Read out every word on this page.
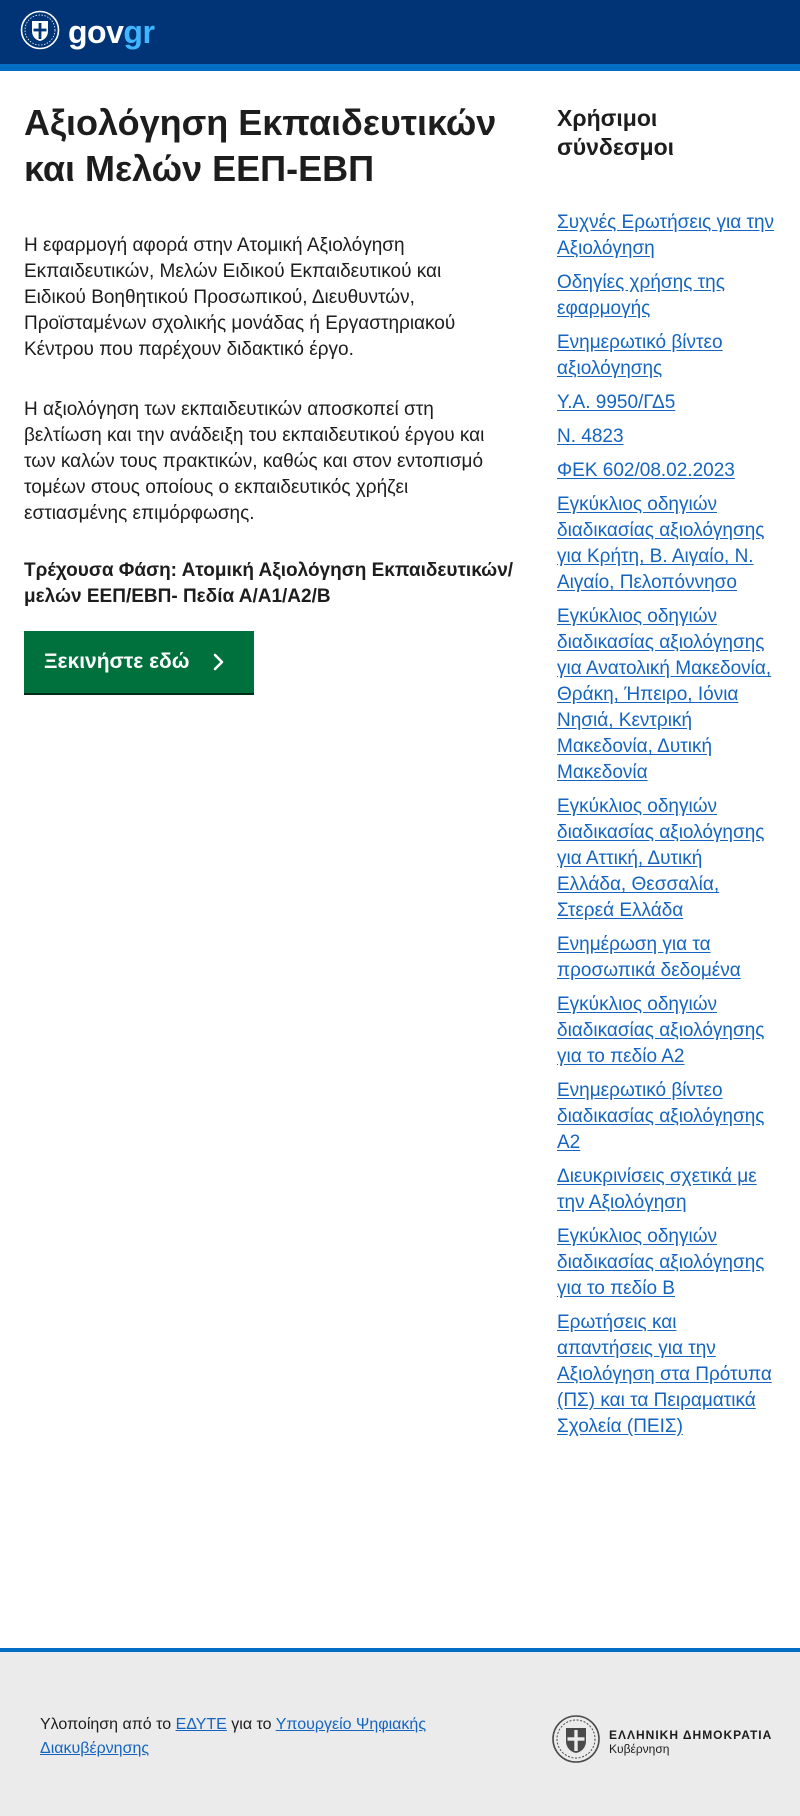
govgr
Αξιολόγηση Εκπαιδευτικών και Μελών ΕΕΠ-ΕΒΠ

Η εφαρμογή αφορά στην Ατομική Αξιολόγηση Εκπαιδευτικών, Μελών Ειδικού Εκπαιδευτικού και Ειδικού Βοηθητικού Προσωπικού, Διευθυντών, Προϊσταμένων σχολικής μονάδας ή Εργαστηριακού Κέντρου που παρέχουν διδακτικό έργο.

Η αξιολόγηση των εκπαιδευτικών αποσκοπεί στη βελτίωση και την ανάδειξη του εκπαιδευτικού έργου και των καλών τους πρακτικών, καθώς και στον εντοπισμό τομέων στους οποίους ο εκπαιδευτικός χρήζει εστιασμένης επιμόρφωσης.

Τρέχουσα Φάση: Ατομική Αξιολόγηση Εκπαιδευτικών/ μελών ΕΕΠ/ΕΒΠ- Πεδία Α/Α1/Α2/Β

Ξεκινήστε εδώ
Χρήσιμοι σύνδεσμοι
Συχνές Ερωτήσεις για την Αξιολόγηση
Οδηγίες χρήσης της εφαρμογής
Ενημερωτικό βίντεο αξιολόγησης
Υ.Α. 9950/ΓΔ5
Ν. 4823
ΦΕΚ 602/08.02.2023
Εγκύκλιος οδηγιών διαδικασίας αξιολόγησης για Κρήτη, Β. Αιγαίο, Ν. Αιγαίο, Πελοπόννησο
Εγκύκλιος οδηγιών διαδικασίας αξιολόγησης για Ανατολική Μακεδονία, Θράκη, Ήπειρο, Ιόνια Νησιά, Κεντρική Μακεδονία, Δυτική Μακεδονία
Εγκύκλιος οδηγιών διαδικασίας αξιολόγησης για Αττική, Δυτική Ελλάδα, Θεσσαλία, Στερεά Ελλάδα
Ενημέρωση για τα προσωπικά δεδομένα
Εγκύκλιος οδηγιών διαδικασίας αξιολόγησης για το πεδίο Α2
Ενημερωτικό βίντεο διαδικασίας αξιολόγησης Α2
Διευκρινίσεις σχετικά με την Αξιολόγηση
Εγκύκλιος οδηγιών διαδικασίας αξιολόγησης για το πεδίο Β
Ερωτήσεις και απαντήσεις για την Αξιολόγηση στα Πρότυπα (ΠΣ) και τα Πειραματικά Σχολεία (ΠΕΙΣ)

Υλοποίηση από το ΕΔΥΤΕ για το Υπουργείο Ψηφιακής Διακυβέρνησης

ΕΛΛΗΝΙΚΗ ΔΗΜΟΚΡΑΤΙΑ
Κυβέρνηση
